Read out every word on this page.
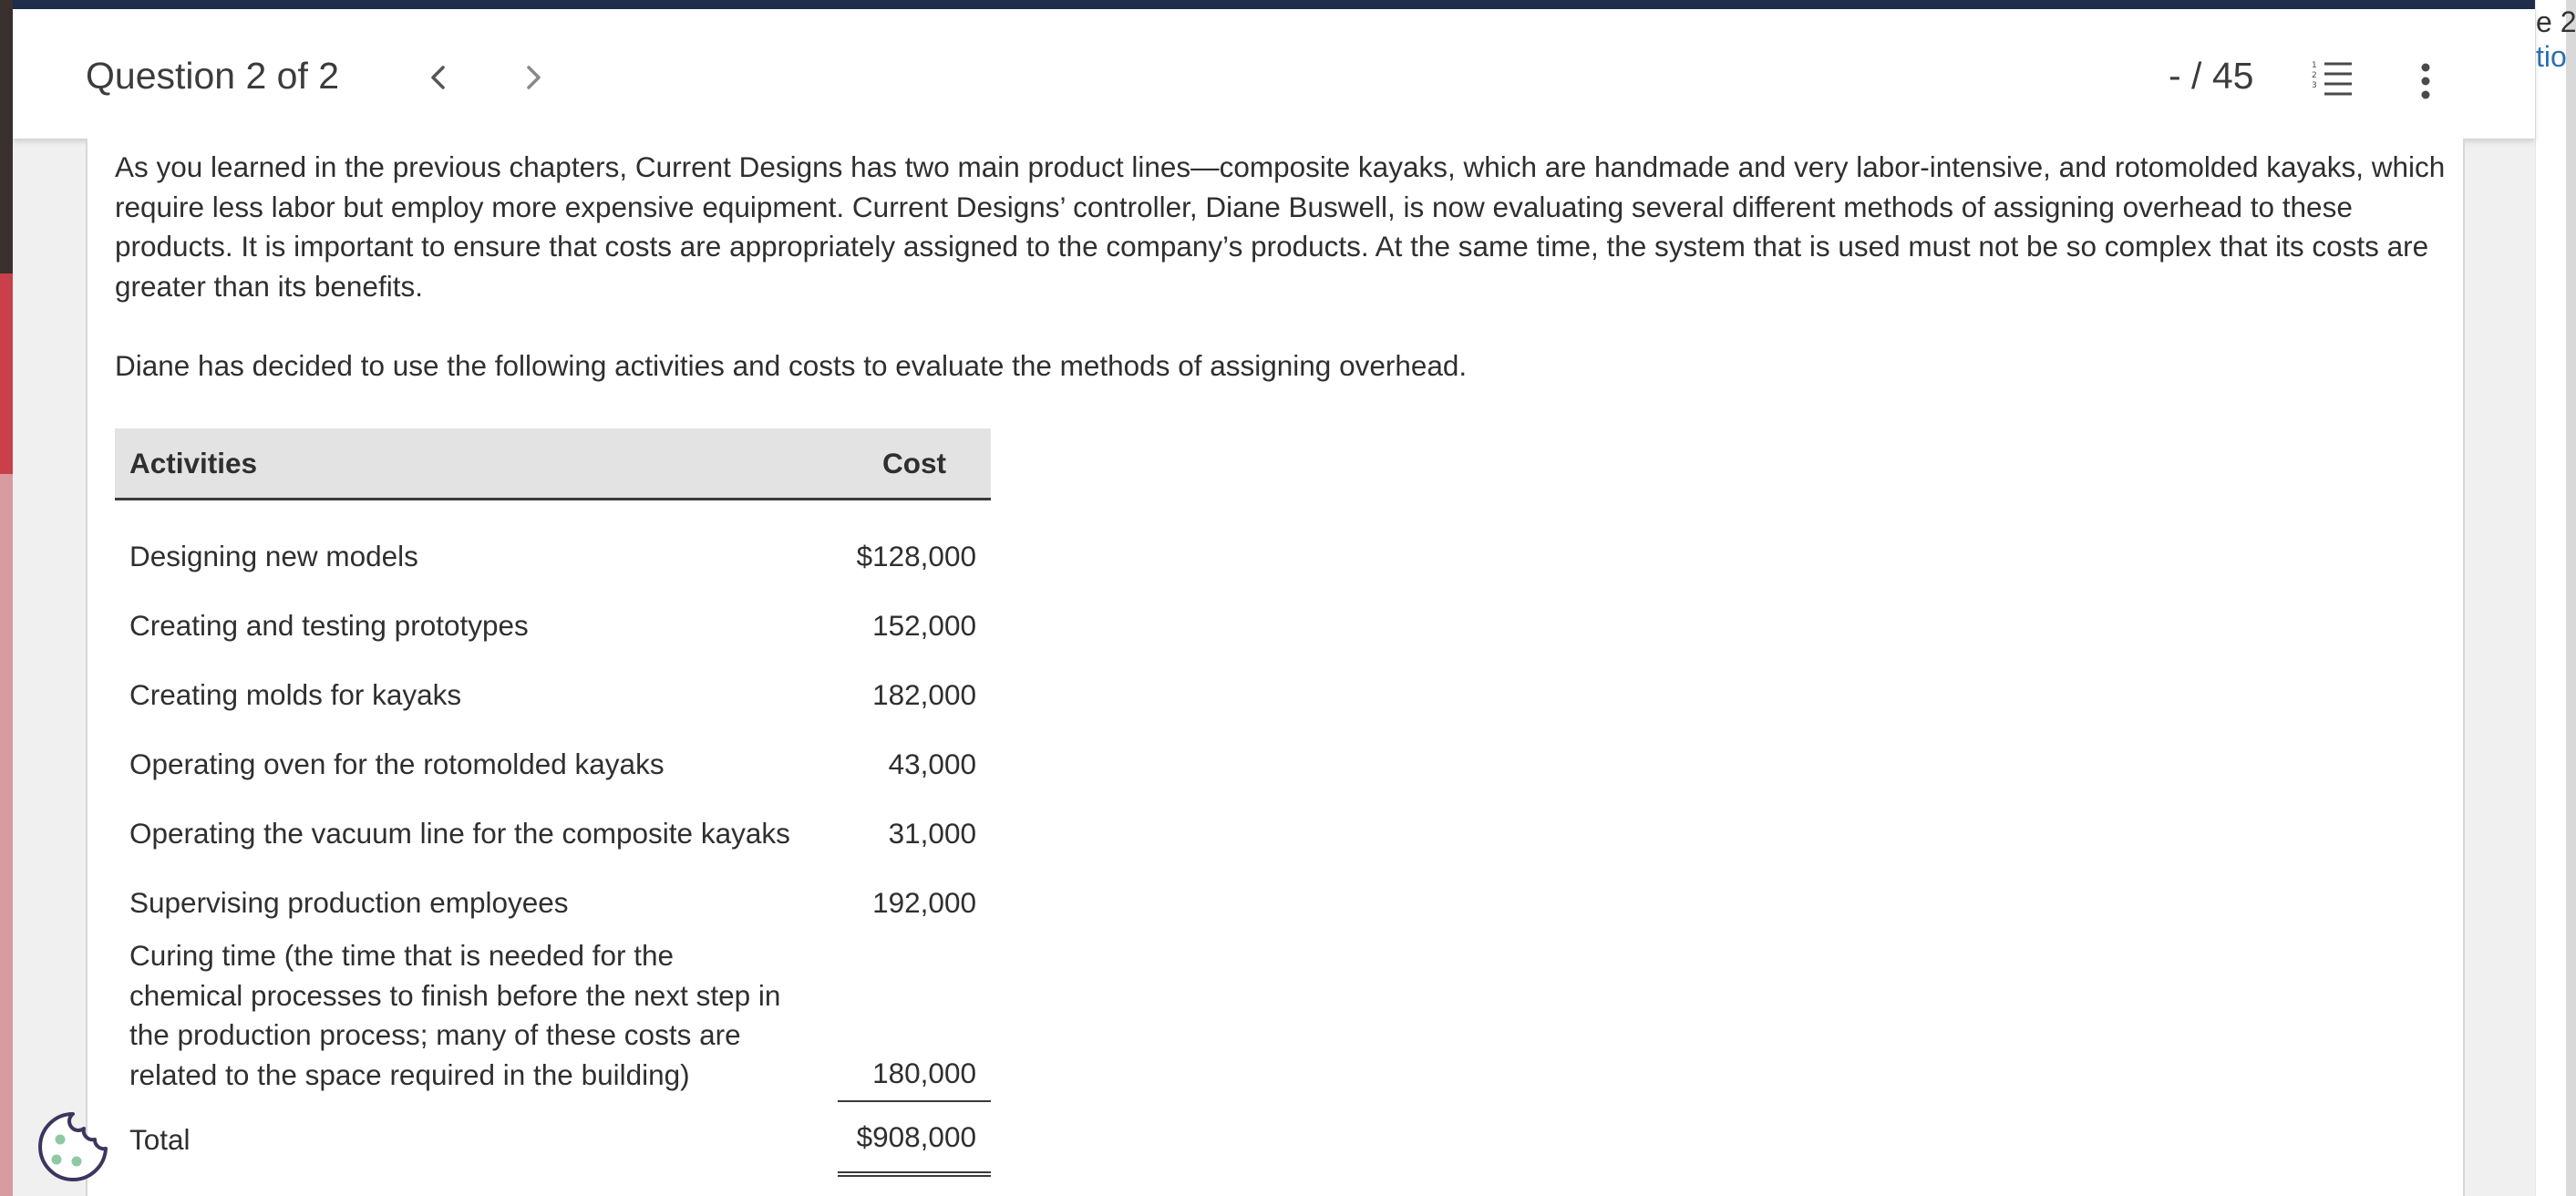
e 2
tio
Question 2 of 2	- / 45	1
2
3

As you learned in the previous chapters, Current Designs has two main product lines—composite kayaks, which are handmade and very labor-intensive, and rotomolded kayaks, which require less labor but employ more expensive equipment. Current Designs’ controller, Diane Buswell, is now evaluating several different methods of assigning overhead to these products. It is important to ensure that costs are appropriately assigned to the company’s products. At the same time, the system that is used must not be so complex that its costs are greater than its benefits.

Diane has decided to use the following activities and costs to evaluate the methods of assigning overhead.

Activities		Cost
Designing new models		$128,000
Creating and testing prototypes		152,000
Creating molds for kayaks		182,000
Operating oven for the rotomolded kayaks		43,000
Operating the vacuum line for the composite kayaks		31,000
Supervising production employees		192,000
Curing time (the time that is needed for the chemical processes to finish before the next step in the production process; many of these costs are related to the space required in the building)		180,000
Total		$908,000
